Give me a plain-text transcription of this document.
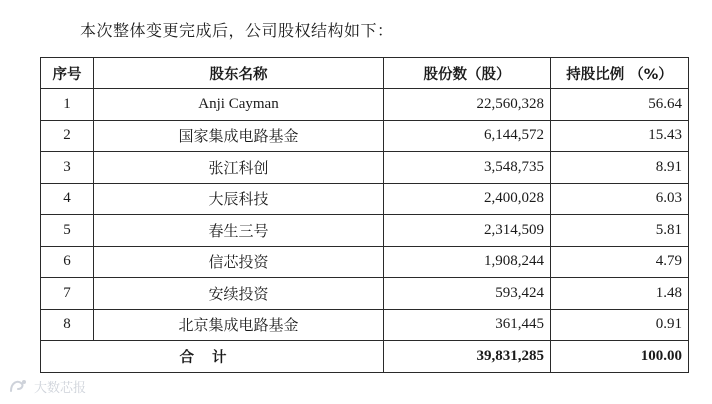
本次整体变更完成后，公司股权结构如下：
序号	股东名称	股份数（股）	持股比例 （%）
1	Anji Cayman	22,560,328	56.64
2	国家集成电路基金	6,144,572	15.43
3	张江科创	3,548,735	8.91
4	大辰科技	2,400,028	6.03
5	春生三号	2,314,509	5.81
6	信芯投资	1,908,244	4.79
7	安续投资	593,424	1.48
8	北京集成电路基金	361,445	0.91
合计		39,831,285	100.00
大数芯报
